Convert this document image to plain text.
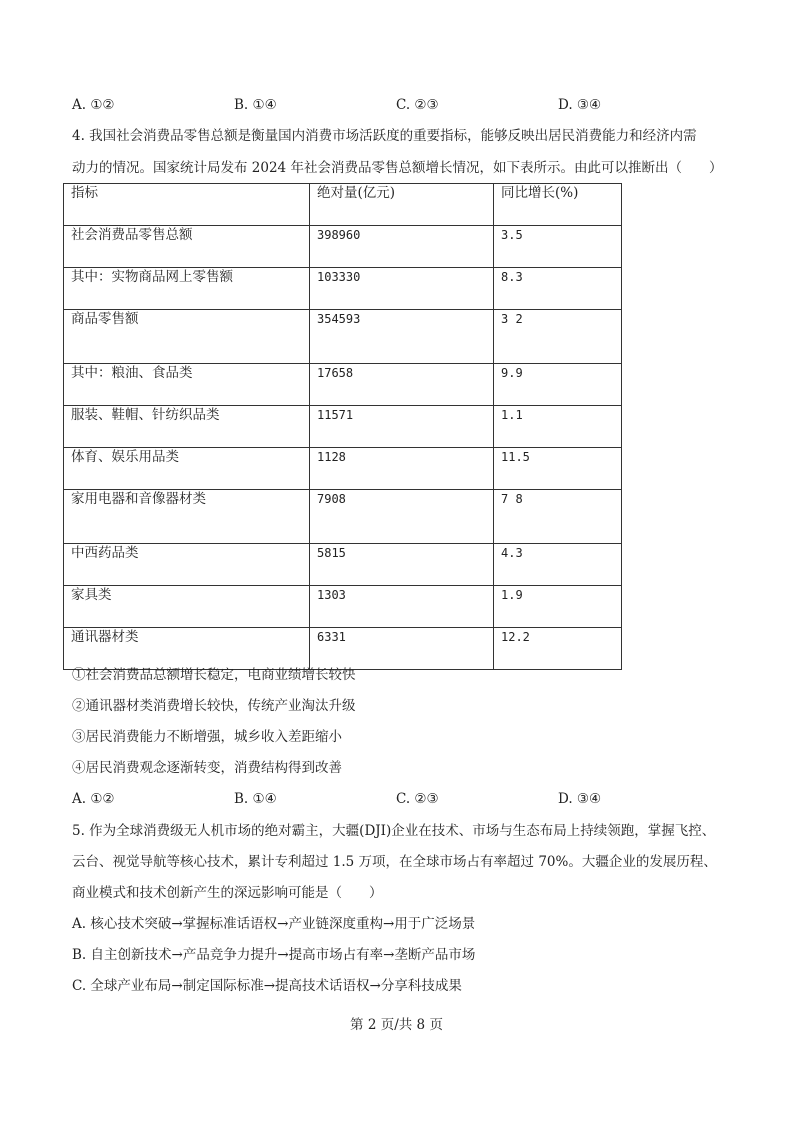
A. ①②	B. ①④	C. ②③	D. ③④
4. 我国社会消费品零售总额是衡量国内消费市场活跃度的重要指标，能够反映出居民消费能力和经济内需
动力的情况。国家统计局发布 2024 年社会消费品零售总额增长情况，如下表所示。由此可以推断出（　　）
指标	绝对量(亿元)	同比增长(%)
社会消费品零售总额	398960	3.5
其中：实物商品网上零售额	103330	8.3
商品零售额	354593	3 2
其中：粮油、食品类	17658	9.9
服装、鞋帽、针纺织品类	11571	1.1
体育、娱乐用品类	1128	11.5
家用电器和音像器材类	7908	7 8
中西药品类	5815	4.3
家具类	1303	1.9
通讯器材类	6331	12.2
①社会消费品总额增长稳定，电商业绩增长较快
②通讯器材类消费增长较快，传统产业淘汰升级
③居民消费能力不断增强，城乡收入差距缩小
④居民消费观念逐渐转变，消费结构得到改善
A. ①②	B. ①④	C. ②③	D. ③④
5. 作为全球消费级无人机市场的绝对霸主，大疆(DJI)企业在技术、市场与生态布局上持续领跑，掌握飞控、
云台、视觉导航等核心技术，累计专利超过 1.5 万项，在全球市场占有率超过 70%。大疆企业的发展历程、
商业模式和技术创新产生的深远影响可能是（　　）
A. 核心技术突破→掌握标准话语权→产业链深度重构→用于广泛场景
B. 自主创新技术→产品竞争力提升→提高市场占有率→垄断产品市场
C. 全球产业布局→制定国际标准→提高技术话语权→分享科技成果
第 2 页/共 8 页
